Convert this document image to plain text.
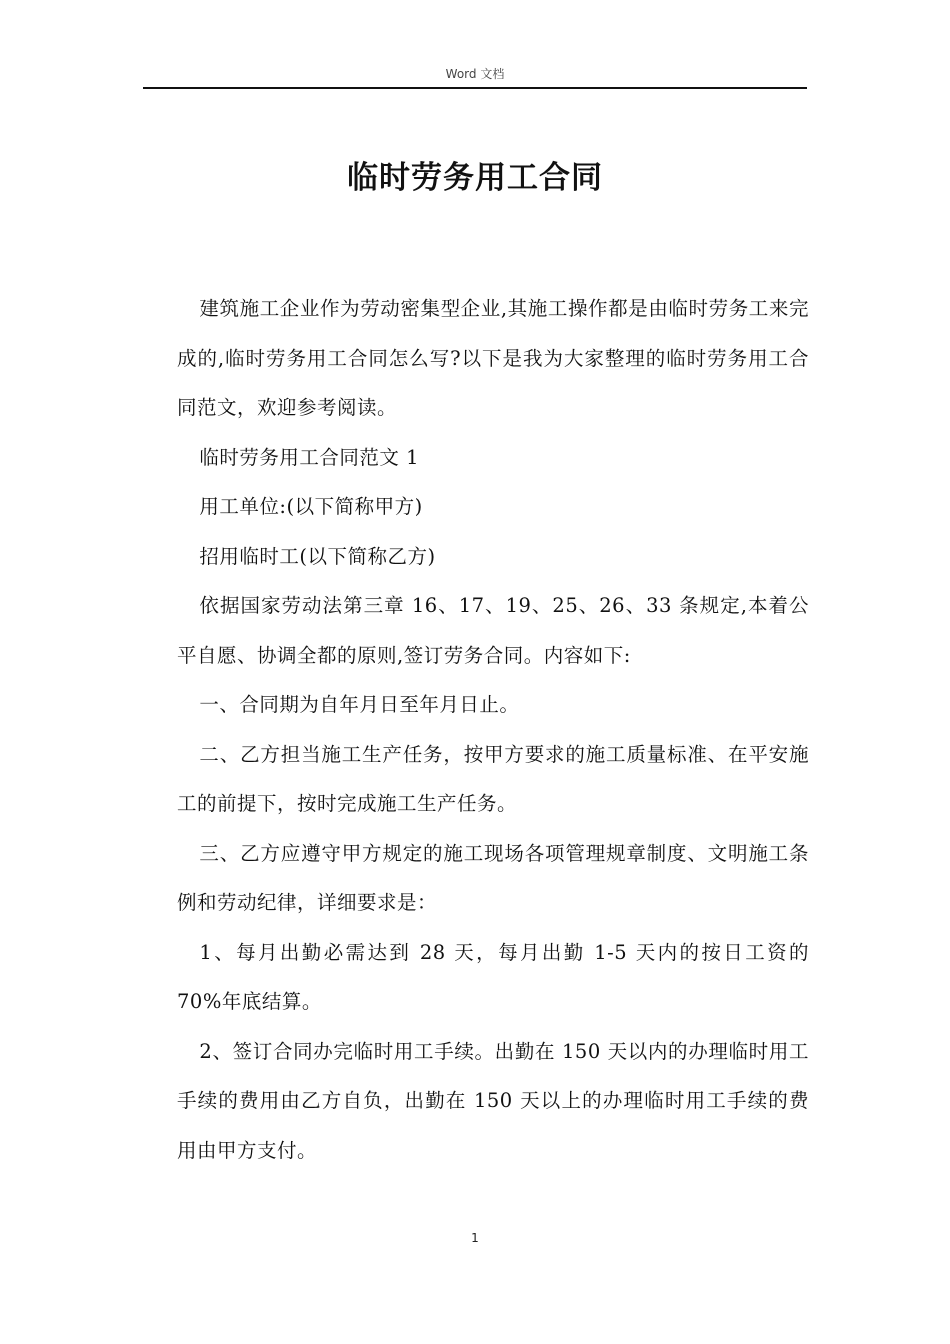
Word 文档
临时劳务用工合同

建筑施工企业作为劳动密集型企业,其施工操作都是由临时劳务工来完成的,临时劳务用工合同怎么写?以下是我为大家整理的临时劳务用工合同范文，欢迎参考阅读。

临时劳务用工合同范文 1

用工单位:(以下简称甲方)

招用临时工(以下简称乙方)

依据国家劳动法第三章 16、17、19、25、26、33 条规定,本着公平自愿、协调全都的原则,签订劳务合同。内容如下:

一、合同期为自年月日至年月日止。

二、乙方担当施工生产任务，按甲方要求的施工质量标准、在平安施工的前提下，按时完成施工生产任务。

三、乙方应遵守甲方规定的施工现场各项管理规章制度、文明施工条例和劳动纪律，详细要求是：

1、每月出勤必需达到 28 天，每月出勤 1-5 天内的按日工资的 70%年底结算。

2、签订合同办完临时用工手续。出勤在 150 天以内的办理临时用工手续的费用由乙方自负，出勤在 150 天以上的办理临时用工手续的费用由甲方支付。

1
